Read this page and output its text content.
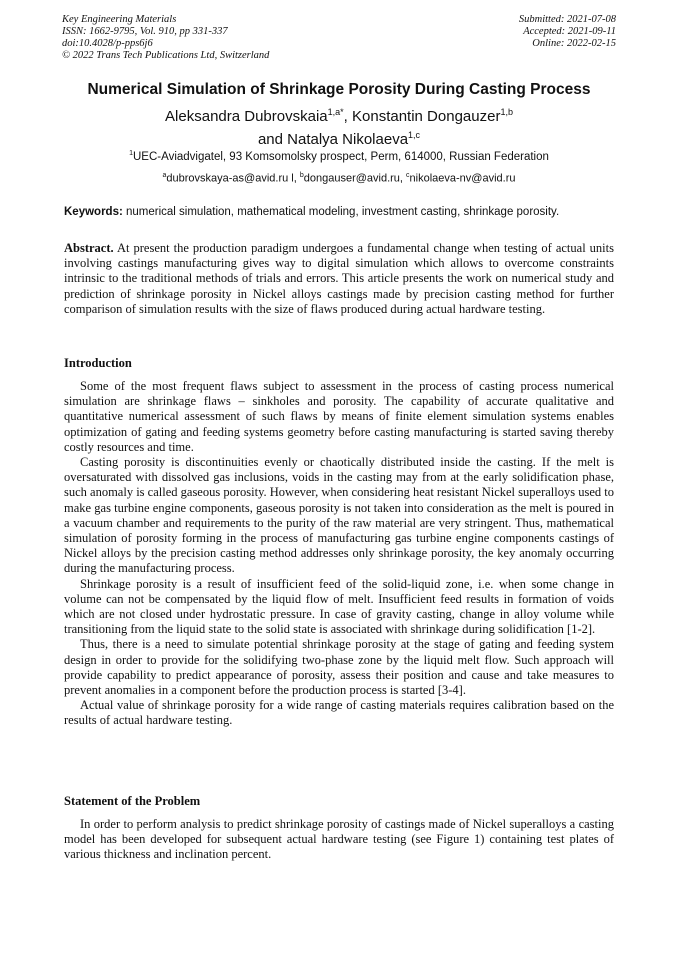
Key Engineering Materials
ISSN: 1662-9795, Vol. 910, pp 331-337
doi:10.4028/p-pps6j6
© 2022 Trans Tech Publications Ltd, Switzerland
Submitted: 2021-07-08
Accepted: 2021-09-11
Online: 2022-02-15
Numerical Simulation of Shrinkage Porosity During Casting Process
Aleksandra Dubrovskaia$^{1,a*}$, Konstantin Dongauzer$^{1,b}$
and Natalya Nikolaeva$^{1,c}$
$^1$UEC-Aviadvigatel, 93 Komsomolsky prospect, Perm, 614000, Russian Federation
$^a$dubrovskaya-as@avid.ru l, $^b$dongauser@avid.ru, $^c$nikolaeva-nv@avid.ru
Keywords: numerical simulation, mathematical modeling, investment casting, shrinkage porosity.

Abstract. At present the production paradigm undergoes a fundamental change when testing of actual units involving castings manufacturing gives way to digital simulation which allows to overcome constraints intrinsic to the traditional methods of trials and errors. This article presents the work on numerical study and prediction of shrinkage porosity in Nickel alloys castings made by precision casting method for further comparison of simulation results with the size of flaws produced during actual hardware testing.

Introduction

Some of the most frequent flaws subject to assessment in the process of casting process numerical simulation are shrinkage flaws – sinkholes and porosity. The capability of accurate qualitative and quantitative numerical assessment of such flaws by means of finite element simulation systems enables optimization of gating and feeding systems geometry before casting manufacturing is started saving thereby costly resources and time.

Casting porosity is discontinuities evenly or chaotically distributed inside the casting. If the melt is oversaturated with dissolved gas inclusions, voids in the casting may from at the early solidification phase, such anomaly is called gaseous porosity. However, when considering heat resistant Nickel superalloys used to make gas turbine engine components, gaseous porosity is not taken into consideration as the melt is poured in a vacuum chamber and requirements to the purity of the raw material are very stringent. Thus, mathematical simulation of porosity forming in the process of manufacturing gas turbine engine components castings of Nickel alloys by the precision casting method addresses only shrinkage porosity, the key anomaly occurring during the manufacturing process.

Shrinkage porosity is a result of insufficient feed of the solid-liquid zone, i.e. when some change in volume can not be compensated by the liquid flow of melt. Insufficient feed results in formation of voids which are not closed under hydrostatic pressure. In case of gravity casting, change in alloy volume while transitioning from the liquid state to the solid state is associated with shrinkage during solidification [1-2].

Thus, there is a need to simulate potential shrinkage porosity at the stage of gating and feeding system design in order to provide for the solidifying two-phase zone by the liquid melt flow. Such approach will provide capability to predict appearance of porosity, assess their position and cause and take measures to prevent anomalies in a component before the production process is started [3-4].

Actual value of shrinkage porosity for a wide range of casting materials requires calibration based on the results of actual hardware testing.

Statement of the Problem

In order to perform analysis to predict shrinkage porosity of castings made of Nickel superalloys a casting model has been developed for subsequent actual hardware testing (see Figure 1) containing test plates of various thickness and inclination percent.
